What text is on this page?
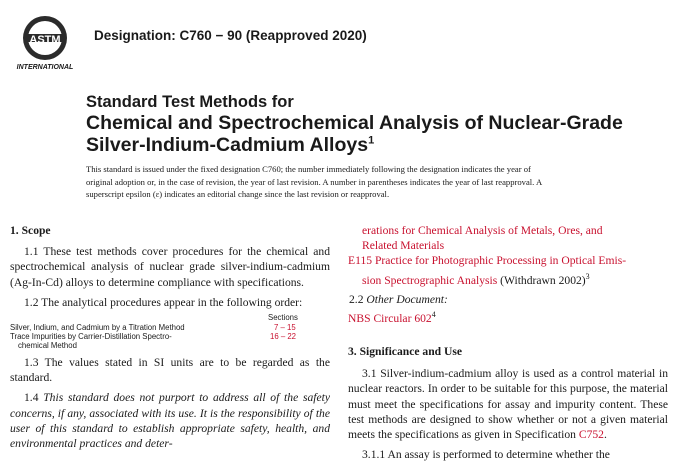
ASTM
INTERNATIONAL
Designation: C760 − 90 (Reapproved 2020)
Standard Test Methods for
Chemical and Spectrochemical Analysis of Nuclear-Grade
Silver-Indium-Cadmium Alloys$^1$

This standard is issued under the fixed designation C760; the number immediately following the designation indicates the year of

original adoption or, in the case of revision, the year of last revision. A number in parentheses indicates the year of last reapproval. A

superscript epsilon (ε) indicates an editorial change since the last revision or reapproval.

1. Scope

1.1 These test methods cover procedures for the chemical and spectrochemical analysis of nuclear grade silver-indium-cadmium (Ag-In-Cd) alloys to determine compliance with specifications.

1.2 The analytical procedures appear in the following order:

Sections
Silver, Indium, and Cadmium by a Titration Method	7 – 15
Trace Impurities by Carrier-Distillation Spectro-
chemical Method
16 – 22

1.3 The values stated in SI units are to be regarded as the standard.

1.4 This standard does not purport to address all of the safety concerns, if any, associated with its use. It is the responsibility of the user of this standard to establish appropriate safety, health, and environmental practices and deter-

erations for Chemical Analysis of Metals, Ores, and

Related Materials

E115 Practice for Photographic Processing in Optical Emis-

sion Spectrographic Analysis (Withdrawn 2002)$^3$

2.2 Other Document:

NBS Circular $602^4$

3. Significance and Use

3.1 Silver-indium-cadmium alloy is used as a control material in nuclear reactors. In order to be suitable for this purpose, the material must meet the specifications for assay and impurity content. These test methods are designed to show whether or not a given material meets the specifications as given in Specification C752.

3.1.1 An assay is performed to determine whether the
